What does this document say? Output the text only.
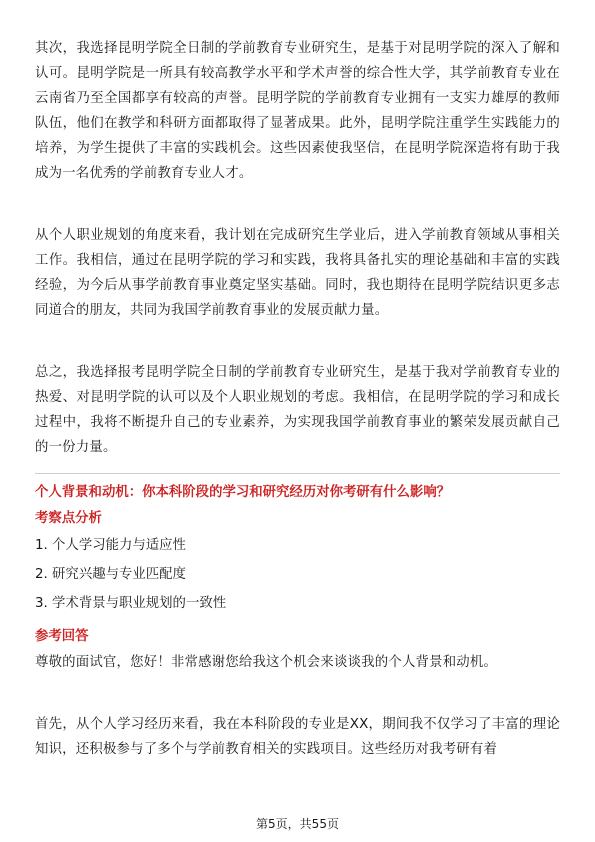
其次，我选择昆明学院全日制的学前教育专业研究生，是基于对昆明学院的深入了解和认可。昆明学院是一所具有较高教学水平和学术声誉的综合性大学，其学前教育专业在云南省乃至全国都享有较高的声誉。昆明学院的学前教育专业拥有一支实力雄厚的教师队伍，他们在教学和科研方面都取得了显著成果。此外，昆明学院注重学生实践能力的培养，为学生提供了丰富的实践机会。这些因素使我坚信，在昆明学院深造将有助于我成为一名优秀的学前教育专业人才。

从个人职业规划的角度来看，我计划在完成研究生学业后，进入学前教育领域从事相关工作。我相信，通过在昆明学院的学习和实践，我将具备扎实的理论基础和丰富的实践经验，为今后从事学前教育事业奠定坚实基础。同时，我也期待在昆明学院结识更多志同道合的朋友，共同为我国学前教育事业的发展贡献力量。

总之，我选择报考昆明学院全日制的学前教育专业研究生，是基于我对学前教育专业的热爱、对昆明学院的认可以及个人职业规划的考虑。我相信，在昆明学院的学习和成长过程中，我将不断提升自己的专业素养，为实现我国学前教育事业的繁荣发展贡献自己的一份力量。

个人背景和动机：你本科阶段的学习和研究经历对你考研有什么影响？
考察点分析
1. 个人学习能力与适应性
2. 研究兴趣与专业匹配度
3. 学术背景与职业规划的一致性
参考回答

尊敬的面试官，您好！非常感谢您给我这个机会来谈谈我的个人背景和动机。

首先，从个人学习经历来看，我在本科阶段的专业是XX，期间我不仅学习了丰富的理论知识，还积极参与了多个与学前教育相关的实践项目。这些经历对我考研有着

第5页，共55页
